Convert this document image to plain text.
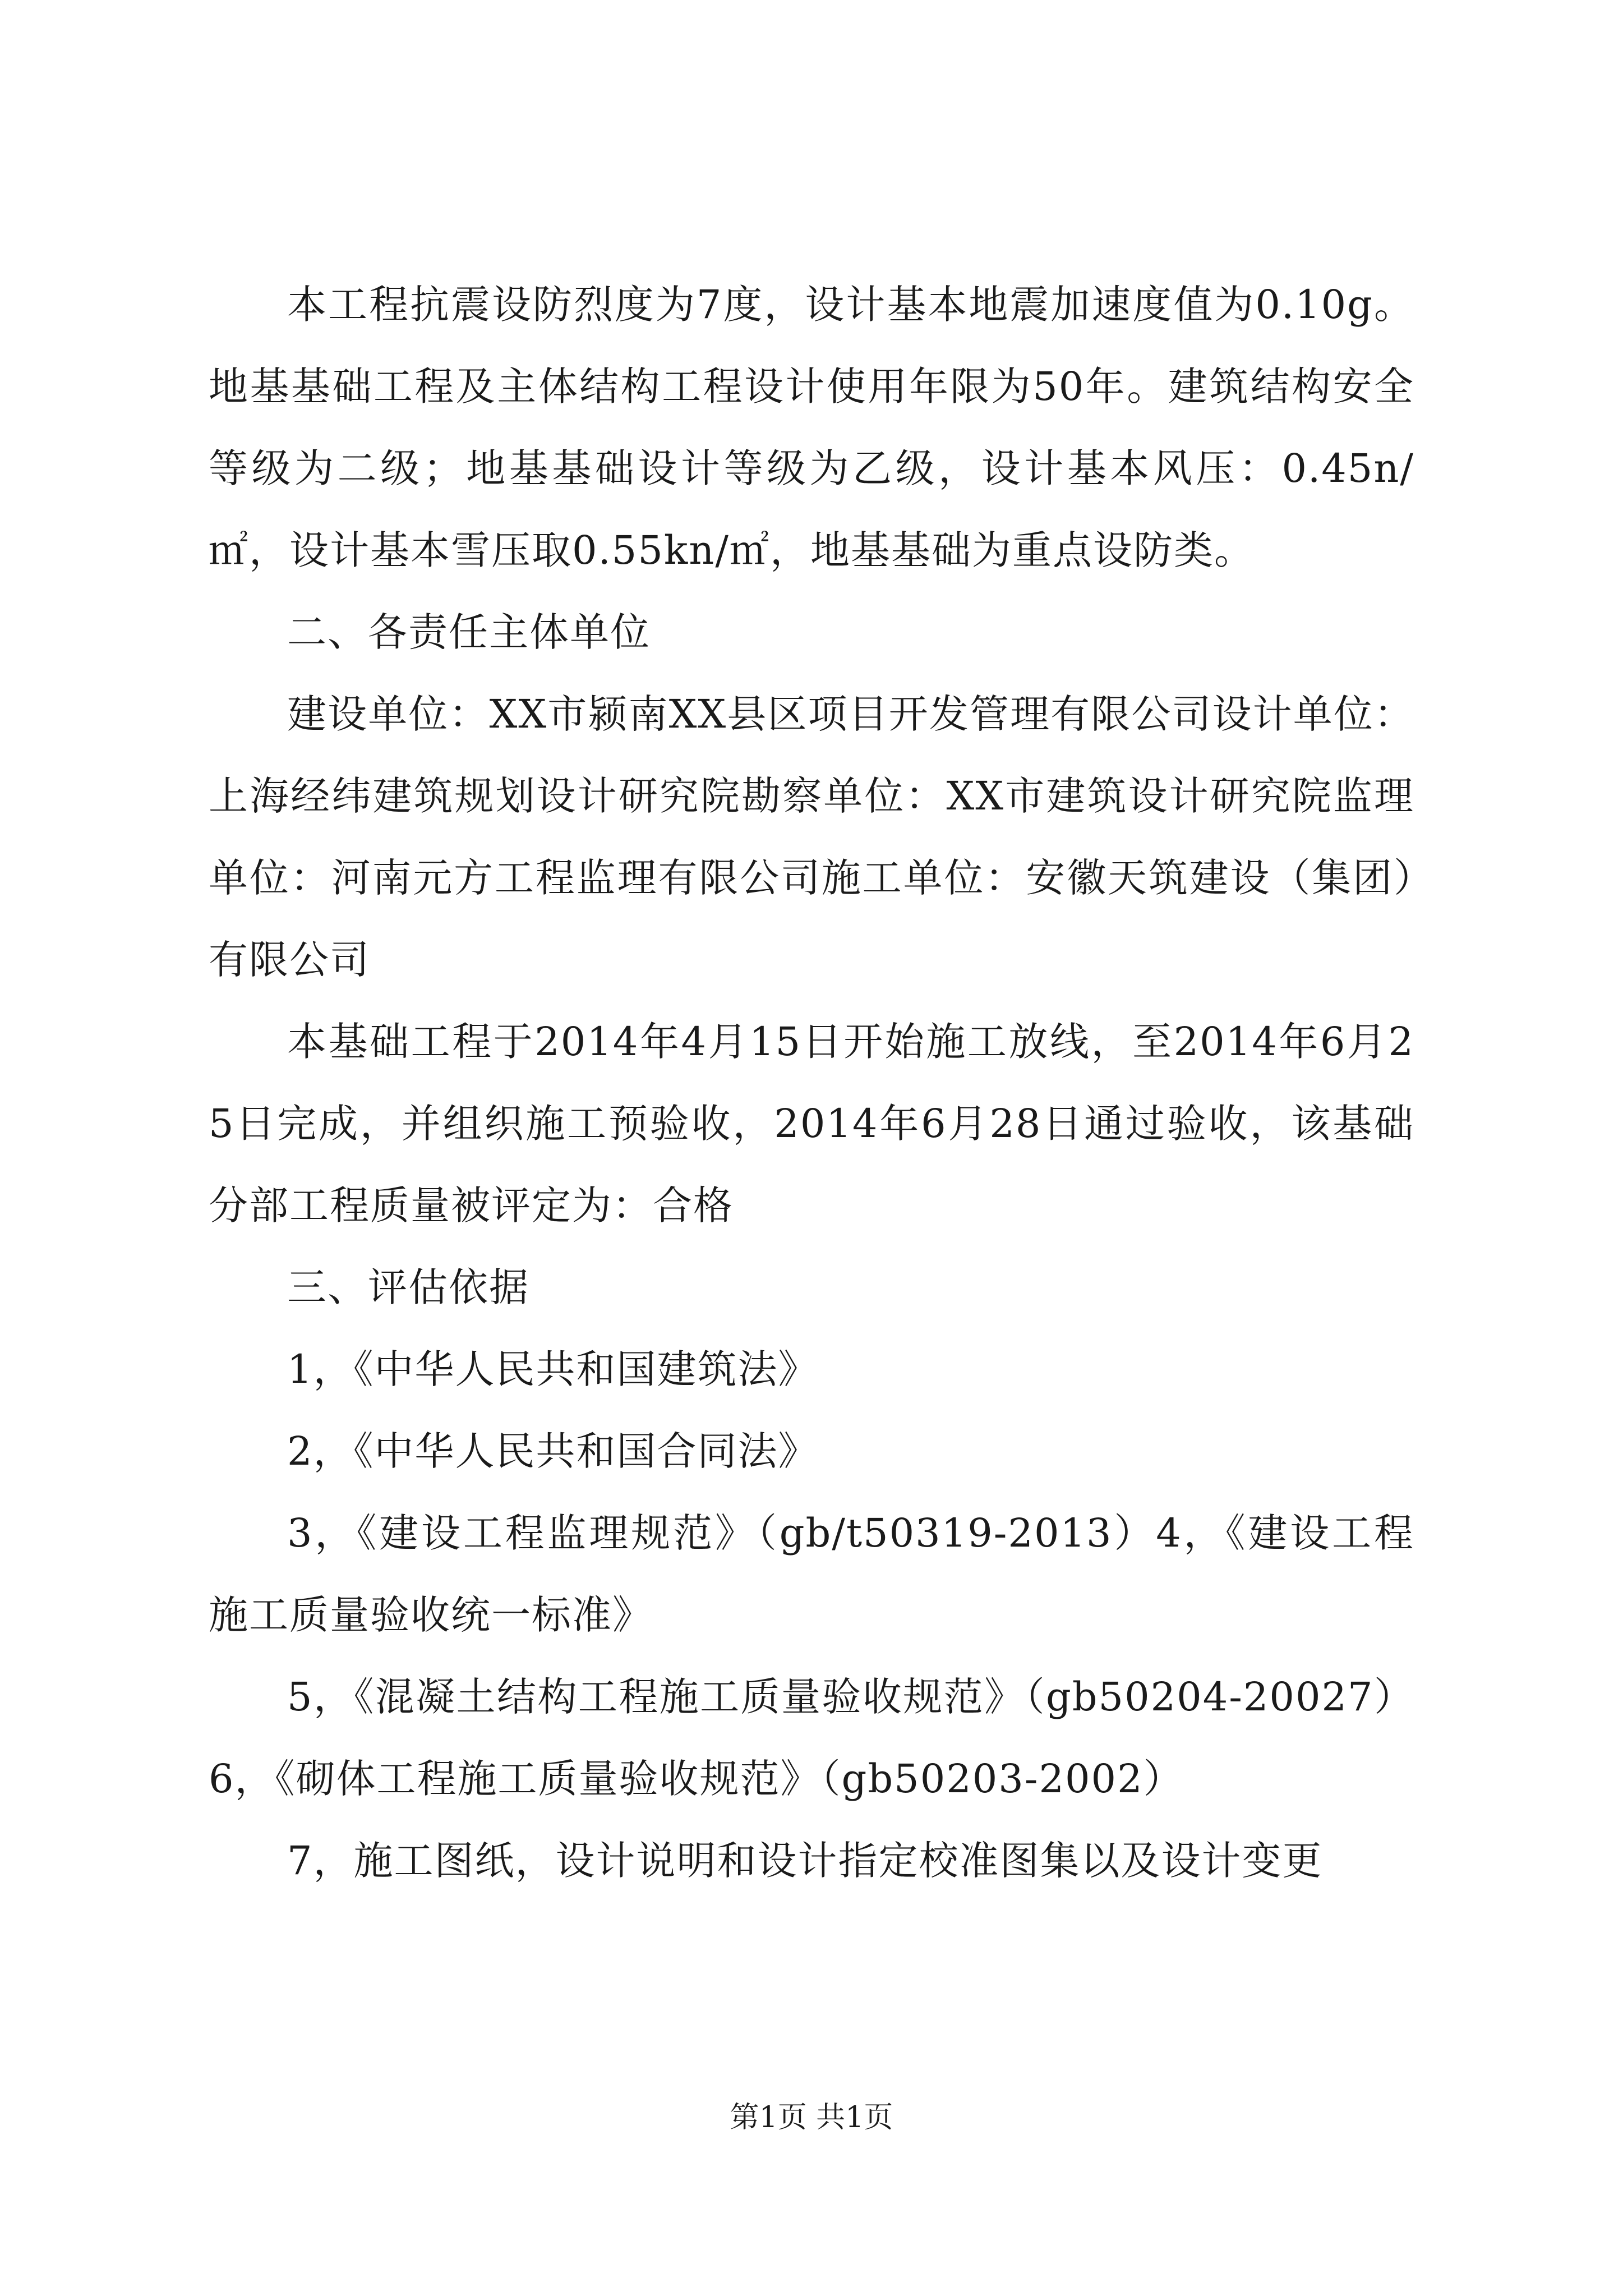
本工程抗震设防烈度为7度，设计基本地震加速度值为0.10g。地基基础工程及主体结构工程设计使用年限为50年。建筑结构安全等级为二级；地基基础设计等级为乙级，设计基本风压：0.45n/㎡，设计基本雪压取0.55kn/㎡，地基基础为重点设防类。

二、各责任主体单位

建设单位：XX市颍南XX县区项目开发管理有限公司设计单位：上海经纬建筑规划设计研究院勘察单位：XX市建筑设计研究院监理单位：河南元方工程监理有限公司施工单位：安徽天筑建设（集团）有限公司

本基础工程于2014年4月15日开始施工放线，至2014年6月25日完成，并组织施工预验收，2014年6月28日通过验收，该基础分部工程质量被评定为：合格

三、评估依据

1，《中华人民共和国建筑法》

2，《中华人民共和国合同法》

3，《建设工程监理规范》（gb/t50319-2013）4，《建设工程施工质量验收统一标准》

5，《混凝土结构工程施工质量验收规范》（gb50204-20027）6，《砌体工程施工质量验收规范》（gb50203-2002）

7，施工图纸，设计说明和设计指定校准图集以及设计变更

第1页 共1页
